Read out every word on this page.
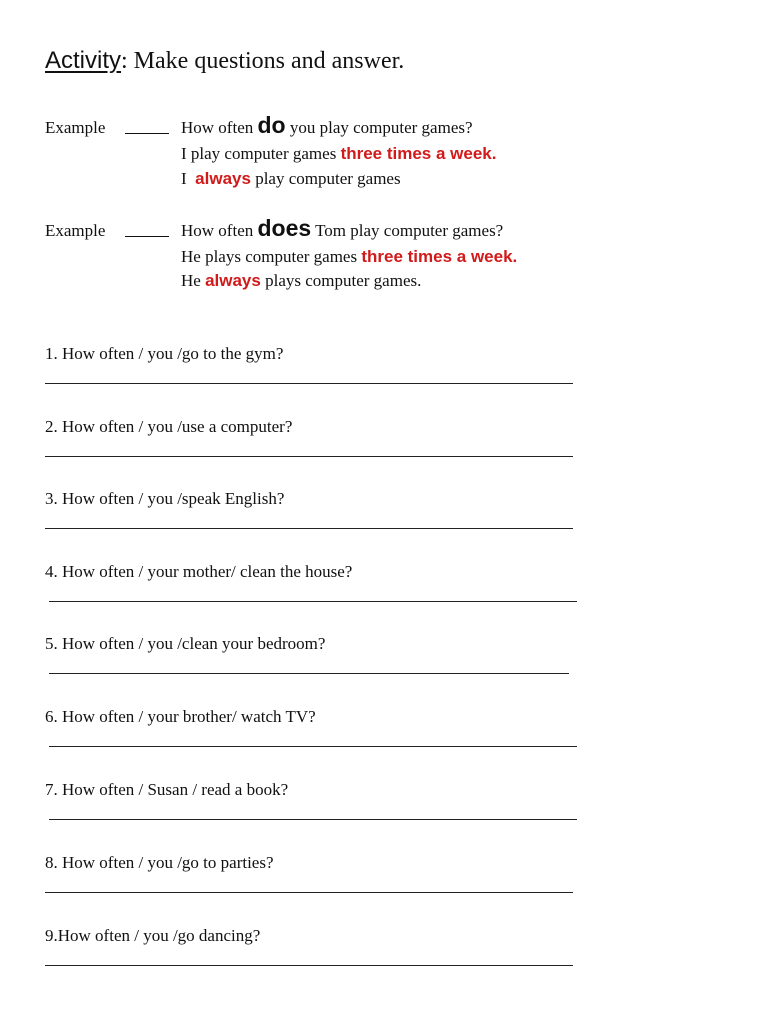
Activity: Make questions and answer.
Example	How often do you play computer games?
I play computer games three times a week.
I  always play computer games
Example	How often does Tom play computer games?
He plays computer games three times a week.
He always plays computer games.
1. How often / you /go to the gym?
2. How often / you /use a computer?
3. How often / you /speak English?
4. How often / your mother/ clean the house?
5. How often / you /clean your bedroom?
6. How often / your brother/ watch TV?
7. How often / Susan / read a book?
8. How often / you /go to parties?
9.How often / you /go dancing?
